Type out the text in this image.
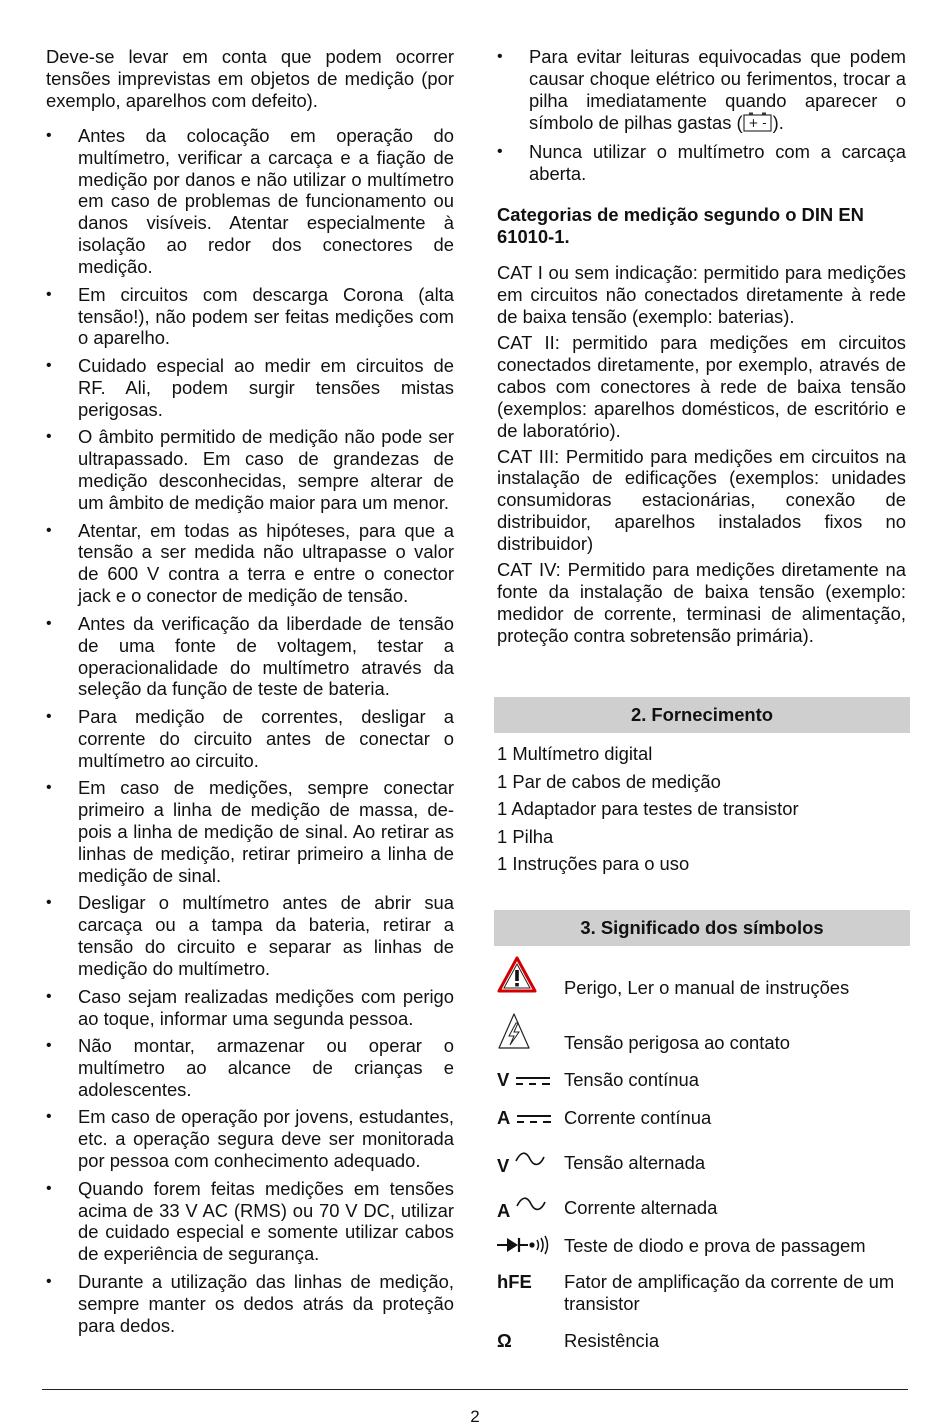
Deve-se levar em conta que podem ocorrer tensões imprevistas em objetos de medição (por exemplo, aparelhos com defeito).

• Antes da colocação em operação do multímetro, verificar a carcaça e a fiação de medição por danos e não utilizar o multímetro em caso de problemas de funcionamento ou danos visíveis. Atentar especialmente à isolação ao redor dos conectores de medição.
• Em circuitos com descarga Corona (alta tensão!), não podem ser feitas medições com o aparelho.
• Cuidado especial ao medir em circuitos de RF. Ali, podem surgir tensões mistas perigosas.
• O âmbito permitido de medição não pode ser ultrapassado. Em caso de grandezas de medição desconhecidas, sempre alterar de um âmbito de medição maior para um menor.
• Atentar, em todas as hipóteses, para que a tensão a ser medida não ultrapasse o valor de 600 V contra a terra e entre o conector jack e o conector de medição de tensão.
• Antes da verificação da liberdade de tensão de uma fonte de voltagem, testar a operacionalidade do multímetro através da seleção da função de teste de bateria.
• Para medição de correntes, desligar a corrente do circuito antes de conectar o multímetro ao circuito.
• Em caso de medições, sempre conectar primeiro a linha de medição de massa, de-pois a linha de medição de sinal. Ao retirar as linhas de medição, retirar primeiro a linha de medição de sinal.
• Desligar o multímetro antes de abrir sua carcaça ou a tampa da bateria, retirar a tensão do circuito e separar as linhas de medição do multímetro.
• Caso sejam realizadas medições com perigo ao toque, informar uma segunda pessoa.
• Não montar, armazenar ou operar o multímetro ao alcance de crianças e adolescentes.
• Em caso de operação por jovens, estudantes, etc. a operação segura deve ser monitorada por pessoa com conhecimento adequado.
• Quando forem feitas medições em tensões acima de 33 V AC (RMS) ou 70 V DC, utilizar de cuidado especial e somente utilizar cabos de experiência de segurança.
• Durante a utilização das linhas de medição, sempre manter os dedos atrás da proteção para dedos.
• Para evitar leituras equivocadas que podem causar choque elétrico ou ferimentos, trocar a pilha imediatamente quando aparecer o símbolo de pilhas gastas ( + - ).
• Nunca utilizar o multímetro com a carcaça aberta.

Categorias de medição segundo o DIN EN 61010-1.

CAT I ou sem indicação: permitido para medições em circuitos não conectados diretamente à rede de baixa tensão (exemplo: baterias).

CAT II: permitido para medições em circuitos conectados diretamente, por exemplo, através de cabos com conectores à rede de baixa tensão (exemplos: aparelhos domésticos, de escritório e de laboratório).

CAT III: Permitido para medições em circuitos na instalação de edificações (exemplos: unidades consumidoras estacionárias, conexão de distribuidor, aparelhos instalados fixos no distribuidor)

CAT IV: Permitido para medições diretamente na fonte da instalação de baixa tensão (exemplo: medidor de corrente, terminasi de alimentação, proteção contra sobretensão primária).

2. Fornecimento
1 Multímetro digital
1 Par de cabos de medição
1 Adaptador para testes de transistor
1 Pilha
1 Instruções para o uso
3. Significado dos símbolos
Perigo, Ler o manual de instruções
Tensão perigosa ao contato
V	Tensão contínua
A	Corrente contínua
V	Tensão alternada
A	Corrente alternada
Teste de diodo e prova de passagem
hFE Fator de amplificação da corrente de um transistor
Ω	Resistência
2
